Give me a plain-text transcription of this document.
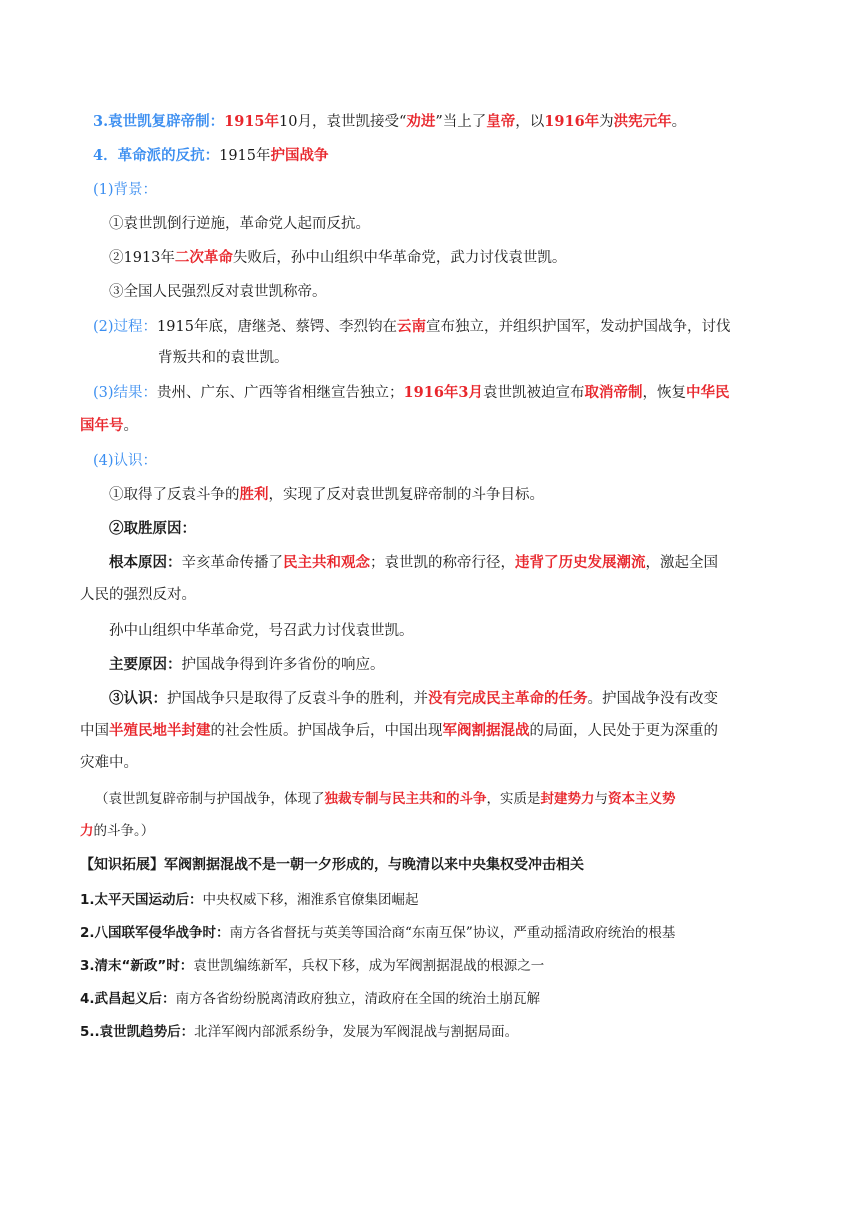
3.袁世凯复辟帝制：1915年10月，袁世凯接受“劝进”当上了皇帝，以1916年为洪宪元年。
4．革命派的反抗：1915年护国战争
(1)背景：
①袁世凯倒行逆施，革命党人起而反抗。
②1913年二次革命失败后，孙中山组织中华革命党，武力讨伐袁世凯。
③全国人民强烈反对袁世凯称帝。
(2)过程：1915年底，唐继尧、蔡锷、李烈钧在云南宣布独立，并组织护国军，发动护国战争，讨伐
背叛共和的袁世凯。
(3)结果：贵州、广东、广西等省相继宣告独立；1916年3月袁世凯被迫宣布取消帝制，恢复中华民
国年号。
(4)认识：
①取得了反袁斗争的胜利，实现了反对袁世凯复辟帝制的斗争目标。
②取胜原因：
根本原因：辛亥革命传播了民主共和观念；袁世凯的称帝行径，违背了历史发展潮流，激起全国
人民的强烈反对。
孙中山组织中华革命党，号召武力讨伐袁世凯。
主要原因：护国战争得到许多省份的响应。
③认识：护国战争只是取得了反袁斗争的胜利，并没有完成民主革命的任务。护国战争没有改变
中国半殖民地半封建的社会性质。护国战争后，中国出现军阀割据混战的局面，人民处于更为深重的
灾难中。
（袁世凯复辟帝制与护国战争，体现了独裁专制与民主共和的斗争，实质是封建势力与资本主义势
力的斗争。）
【知识拓展】军阀割据混战不是一朝一夕形成的，与晚清以来中央集权受冲击相关
1.太平天国运动后：中央权威下移，湘淮系官僚集团崛起
2.八国联军侵华战争时：南方各省督抚与英美等国洽商“东南互保”协议，严重动摇清政府统治的根基
3.清末“新政”时：袁世凯编练新军，兵权下移，成为军阀割据混战的根源之一
4.武昌起义后：南方各省纷纷脱离清政府独立，清政府在全国的统治土崩瓦解
5..袁世凯趋势后：北洋军阀内部派系纷争，发展为军阀混战与割据局面。
